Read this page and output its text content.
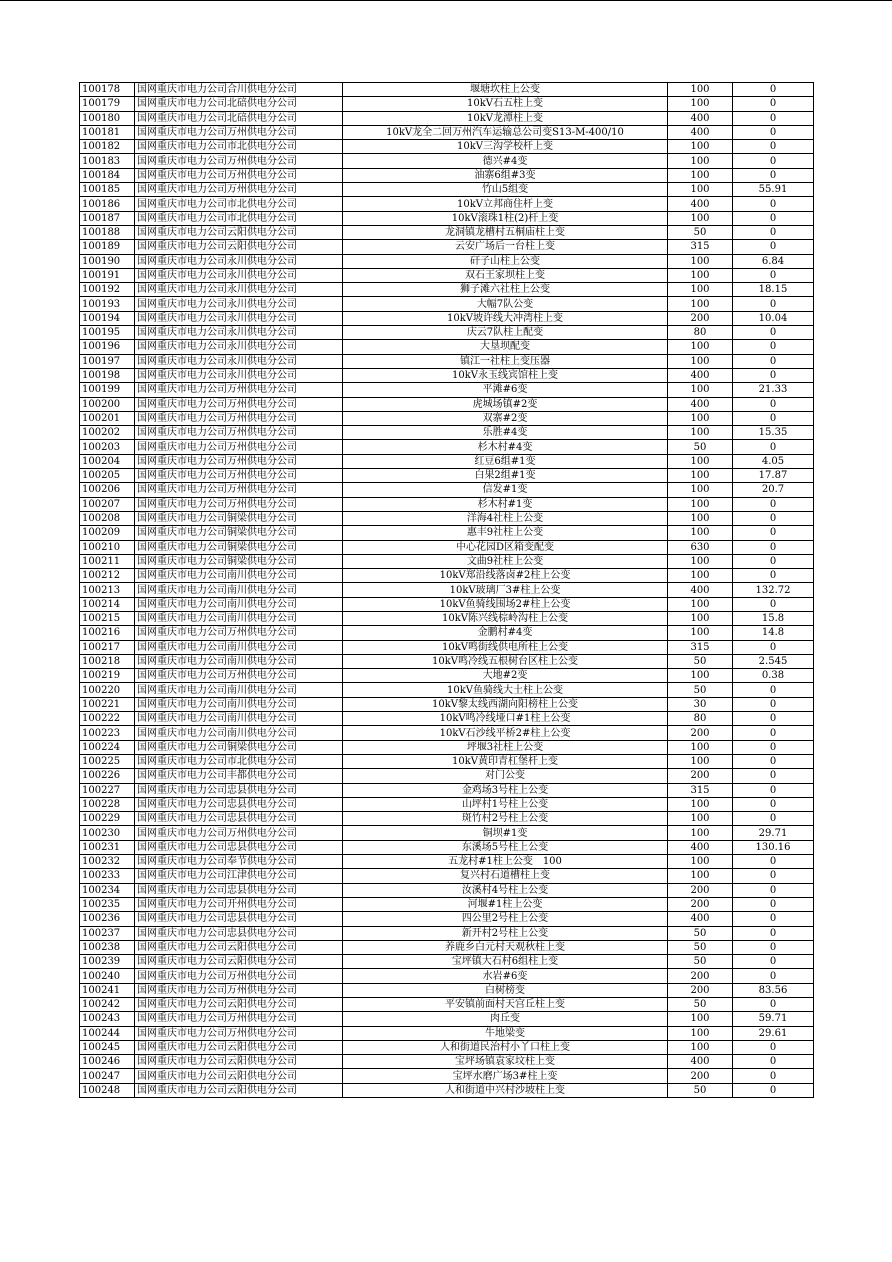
100178	国网重庆市电力公司合川供电分公司	堰塘坎柱上公变	100	0
100179	国网重庆市电力公司北碚供电分公司	10kV石五柱上变	100	0
100180	国网重庆市电力公司北碚供电分公司	10kV龙潭柱上变	400	0
100181	国网重庆市电力公司万州供电分公司	10kV龙全二回万州汽车运输总公司变S13-M-400/10	400	0
100182	国网重庆市电力公司市北供电分公司	10kV三沟学校杆上变	100	0
100183	国网重庆市电力公司万州供电分公司	德兴#4变	100	0
100184	国网重庆市电力公司万州供电分公司	油寨6组#3变	100	0
100185	国网重庆市电力公司万州供电分公司	竹山5组变	100	55.91
100186	国网重庆市电力公司市北供电分公司	10kV立邦商住杆上变	400	0
100187	国网重庆市电力公司市北供电分公司	10kV滚珠1柱(2)杆上变	100	0
100188	国网重庆市电力公司云阳供电分公司	龙洞镇龙槽村五桐庙柱上变	50	0
100189	国网重庆市电力公司云阳供电分公司	云安广场后一台柱上变	315	0
100190	国网重庆市电力公司永川供电分公司	矸子山柱上公变	100	6.84
100191	国网重庆市电力公司永川供电分公司	双石王家坝柱上变	100	0
100192	国网重庆市电力公司永川供电分公司	狮子滩六社柱上公变	100	18.15
100193	国网重庆市电力公司永川供电分公司	大幅7队公变	100	0
100194	国网重庆市电力公司永川供电分公司	10kV坡许线大冲湾柱上变	200	10.04
100195	国网重庆市电力公司永川供电分公司	庆云7队柱上配变	80	0
100196	国网重庆市电力公司永川供电分公司	大垦坝配变	100	0
100197	国网重庆市电力公司永川供电分公司	镇江一社柱上变压器	100	0
100198	国网重庆市电力公司永川供电分公司	10kV永玉线宾馆柱上变	400	0
100199	国网重庆市电力公司万州供电分公司	平滩#6变	100	21.33
100200	国网重庆市电力公司万州供电分公司	虎城场镇#2变	400	0
100201	国网重庆市电力公司万州供电分公司	双寨#2变	100	0
100202	国网重庆市电力公司万州供电分公司	乐胜#4变	100	15.35
100203	国网重庆市电力公司万州供电分公司	杉木村#4变	50	0
100204	国网重庆市电力公司万州供电分公司	红豆6组#1变	100	4.05
100205	国网重庆市电力公司万州供电分公司	白果2组#1变	100	17.87
100206	国网重庆市电力公司万州供电分公司	信发#1变	100	20.7
100207	国网重庆市电力公司万州供电分公司	杉木村#1变	100	0
100208	国网重庆市电力公司铜梁供电分公司	洋海4社柱上公变	100	0
100209	国网重庆市电力公司铜梁供电分公司	惠丰9社柱上公变	100	0
100210	国网重庆市电力公司铜梁供电分公司	中心花园D区箱变配变	630	0
100211	国网重庆市电力公司铜梁供电分公司	文曲9社柱上公变	100	0
100212	国网重庆市电力公司南川供电分公司	10kV郑沿线落卤#2柱上公变	100	0
100213	国网重庆市电力公司南川供电分公司	10kV玻璃厂3#柱上公变	400	132.72
100214	国网重庆市电力公司南川供电分公司	10kV鱼骑线围场2#柱上公变	100	0
100215	国网重庆市电力公司南川供电分公司	10kV陈兴线棕岭沟柱上公变	100	15.8
100216	国网重庆市电力公司万州供电分公司	金鹏村#4变	100	14.8
100217	国网重庆市电力公司南川供电分公司	10kV鸣街线供电所柱上公变	315	0
100218	国网重庆市电力公司南川供电分公司	10kV鸣冷线五根树台区柱上公变	50	2.545
100219	国网重庆市电力公司万州供电分公司	大地#2变	100	0.38
100220	国网重庆市电力公司南川供电分公司	10kV鱼骑线大土柱上公变	50	0
100221	国网重庆市电力公司南川供电分公司	10kV黎太线西湖向阳榜柱上公变	30	0
100222	国网重庆市电力公司南川供电分公司	10kV鸣冷线垭口#1柱上公变	80	0
100223	国网重庆市电力公司南川供电分公司	10kV石沙线平桥2#柱上公变	200	0
100224	国网重庆市电力公司铜梁供电分公司	坪堰3社柱上公变	100	0
100225	国网重庆市电力公司市北供电分公司	10kV黄印青杠堡杆上变	100	0
100226	国网重庆市电力公司丰都供电分公司	对门公变	200	0
100227	国网重庆市电力公司忠县供电分公司	金鸡场3号柱上公变	315	0
100228	国网重庆市电力公司忠县供电分公司	山坪村1号柱上公变	100	0
100229	国网重庆市电力公司忠县供电分公司	斑竹村2号柱上公变	100	0
100230	国网重庆市电力公司万州供电分公司	铜坝#1变	100	29.71
100231	国网重庆市电力公司忠县供电分公司	东溪场5号柱上公变	400	130.16
100232	国网重庆市电力公司奉节供电分公司	五龙村#1柱上公变　100	100	0
100233	国网重庆市电力公司江津供电分公司	复兴村石道槽柱上变	100	0
100234	国网重庆市电力公司忠县供电分公司	汝溪村4号柱上公变	200	0
100235	国网重庆市电力公司开州供电分公司	河堰#1柱上公变	200	0
100236	国网重庆市电力公司忠县供电分公司	四公里2号柱上公变	400	0
100237	国网重庆市电力公司忠县供电分公司	新开村2号柱上公变	50	0
100238	国网重庆市电力公司云阳供电分公司	养鹿乡白元村天观秋柱上变	50	0
100239	国网重庆市电力公司云阳供电分公司	宝坪镇大石村6组柱上变	50	0
100240	国网重庆市电力公司万州供电分公司	水岩#6变	200	0
100241	国网重庆市电力公司万州供电分公司	白树榜变	200	83.56
100242	国网重庆市电力公司云阳供电分公司	平安镇前面村天宫丘柱上变	50	0
100243	国网重庆市电力公司万州供电分公司	肉丘变	100	59.71
100244	国网重庆市电力公司万州供电分公司	牛地梁变	100	29.61
100245	国网重庆市电力公司云阳供电分公司	人和街道民治村小丫口柱上变	100	0
100246	国网重庆市电力公司云阳供电分公司	宝坪场镇袁家坟柱上变	400	0
100247	国网重庆市电力公司云阳供电分公司	宝坪水磨广场3#柱上变	200	0
100248	国网重庆市电力公司云阳供电分公司	人和街道中兴村沙坡柱上变	50	0
